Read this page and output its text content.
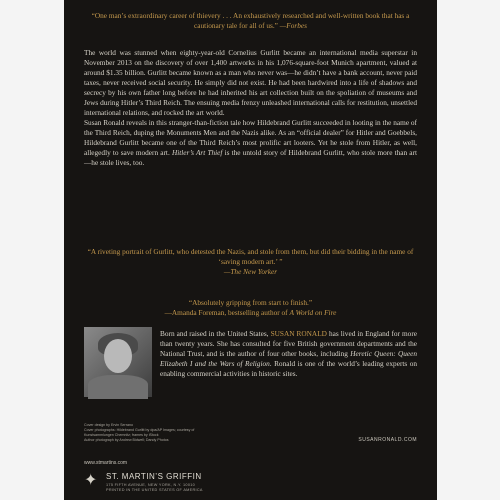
“One man’s extraordinary career of thievery . . . An exhaustively researched and well-written book that has a cautionary tale for all of us.” —Forbes

The world was stunned when eighty-year-old Cornelius Gurlitt became an international media superstar in November 2013 on the discovery of over 1,400 artworks in his 1,076-square-foot Munich apartment, valued at around $1.35 billion. Gurlitt became known as a man who never was—he didn’t have a bank account, never paid taxes, never received social security. He simply did not exist. He had been hardwired into a life of shadows and secrecy by his own father long before he had inherited his art collection built on the spoliation of museums and Jews during Hitler’s Third Reich. The ensuing media frenzy unleashed international calls for restitution, unsettled international relations, and rocked the art world.

Susan Ronald reveals in this stranger-than-fiction tale how Hildebrand Gurlitt succeeded in looting in the name of the Third Reich, duping the Monuments Men and the Nazis alike. As an “official dealer” for Hitler and Goebbels, Hildebrand Gurlitt became one of the Third Reich’s most prolific art looters. Yet he stole from Hitler, as well, allegedly to save modern art. Hitler’s Art Thief is the untold story of Hildebrand Gurlitt, who stole more than art—he stole lives, too.

“A riveting portrait of Gurlitt, who detested the Nazis, and stole from them, but did their bidding in the name of ‘saving modern art.’ ”
—The New Yorker
“Absolutely gripping from start to finish.”
—Amanda Foreman, bestselling author of A World on Fire
Born and raised in the United States, SUSAN RONALD has lived in England for more than twenty years. She has consulted for five British government departments and the National Trust, and is the author of four other books, including Heretic Queen: Queen Elizabeth I and the Wars of Religion. Ronald is one of the world’s leading experts on enabling commercial activities in historic sites.
Cover design by Ervin Serrano
Cover photographs: Hildebrand Gurlitt by dpa/AP Images; courtesy of Kunstsammlungen Chemnitz; frames by iStock
Author photograph by Andrew Bidwell; Dandy Photos	SUSANRONALD.COM
www.stmartins.com
✦	ST. MARTIN’S GRIFFIN
175 FIFTH AVENUE, NEW YORK, N.Y. 10010
PRINTED IN THE UNITED STATES OF AMERICA
